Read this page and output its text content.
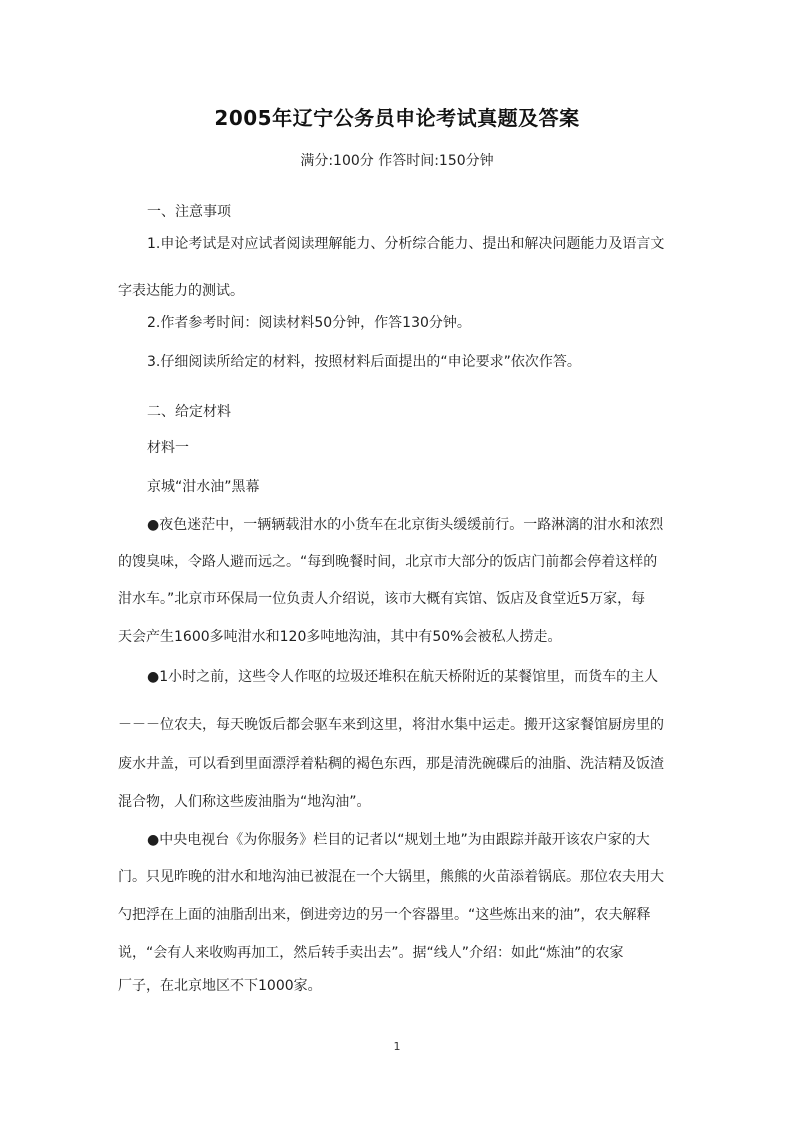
2005年辽宁公务员申论考试真题及答案
满分:100分 作答时间:150分钟
一、注意事项
1.申论考试是对应试者阅读理解能力、分析综合能力、提出和解决问题能力及语言文
字表达能力的测试。
2.作者参考时间：阅读材料50分钟，作答130分钟。
3.仔细阅读所给定的材料，按照材料后面提出的“申论要求”依次作答。
二、给定材料
材料一
京城“泔水油”黑幕
●夜色迷茫中，一辆辆载泔水的小货车在北京街头缓缓前行。一路淋漓的泔水和浓烈
的馊臭味，令路人避而远之。“每到晚餐时间，北京市大部分的饭店门前都会停着这样的
泔水车。”北京市环保局一位负责人介绍说，该市大概有宾馆、饭店及食堂近5万家，每
天会产生1600多吨泔水和120多吨地沟油，其中有50%会被私人捞走。
●1小时之前，这些令人作呕的垃圾还堆积在航天桥附近的某餐馆里，而货车的主人
－－－位农夫，每天晚饭后都会驱车来到这里，将泔水集中运走。搬开这家餐馆厨房里的
废水井盖，可以看到里面漂浮着粘稠的褐色东西，那是清洗碗碟后的油脂、洗洁精及饭渣
混合物，人们称这些废油脂为“地沟油”。
●中央电视台《为你服务》栏目的记者以“规划土地”为由跟踪并敲开该农户家的大
门。只见昨晚的泔水和地沟油已被混在一个大锅里，熊熊的火苗添着锅底。那位农夫用大
勺把浮在上面的油脂刮出来，倒进旁边的另一个容器里。“这些炼出来的油”，农夫解释
说，“会有人来收购再加工，然后转手卖出去”。据“线人”介绍：如此“炼油”的农家
厂子，在北京地区不下1000家。
1
